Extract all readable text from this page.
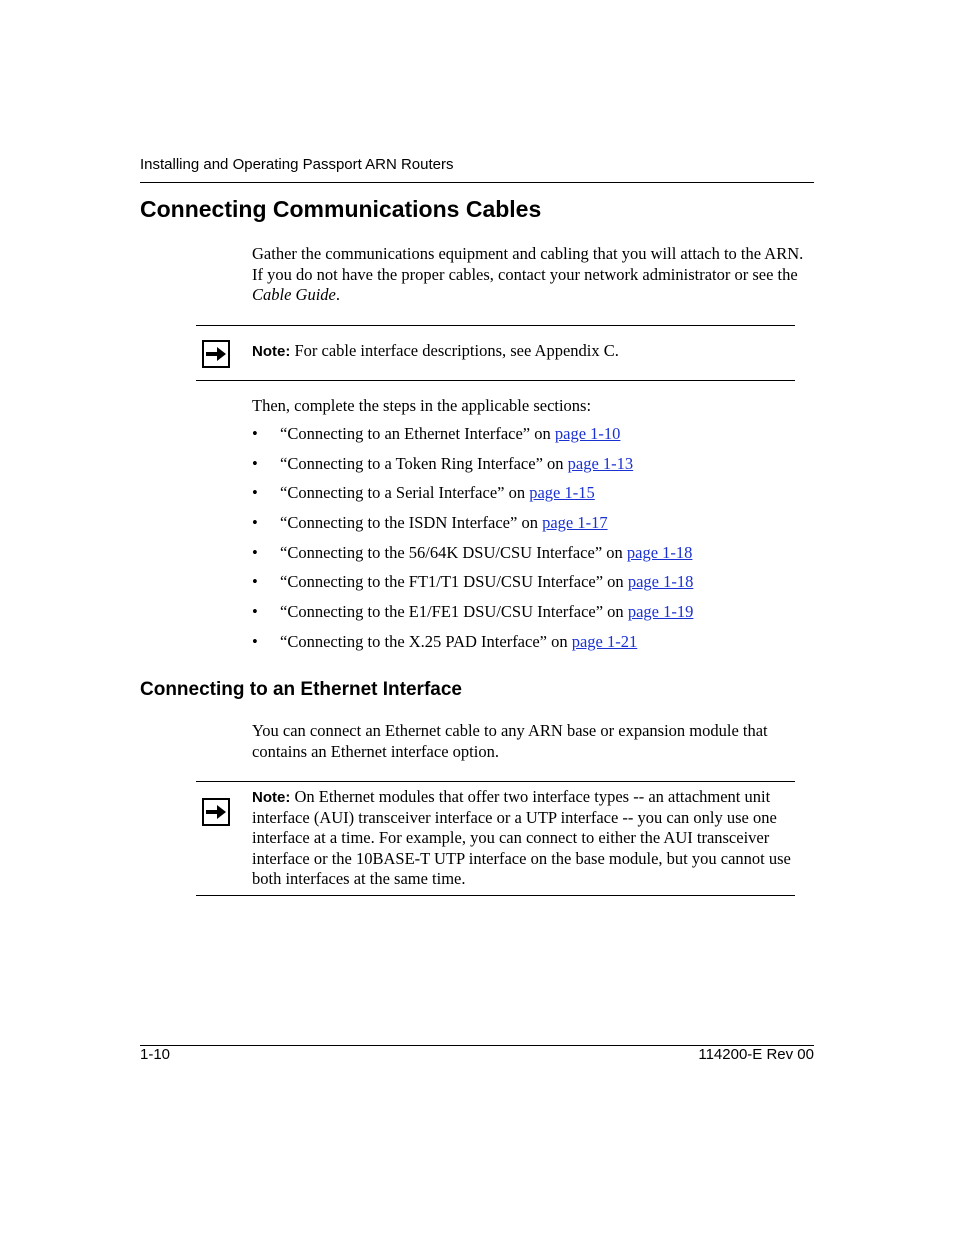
Installing and Operating Passport ARN Routers
Connecting Communications Cables

Gather the communications equipment and cabling that you will attach to the ARN. If you do not have the proper cables, contact your network administrator or see the Cable Guide.

Note: For cable interface descriptions, see Appendix C.

Then, complete the steps in the applicable sections:

• “Connecting to an Ethernet Interface” on page 1-10
• “Connecting to a Token Ring Interface” on page 1-13
• “Connecting to a Serial Interface” on page 1-15
• “Connecting to the ISDN Interface” on page 1-17
• “Connecting to the 56/64K DSU/CSU Interface” on page 1-18
• “Connecting to the FT1/T1 DSU/CSU Interface” on page 1-18
• “Connecting to the E1/FE1 DSU/CSU Interface” on page 1-19
• “Connecting to the X.25 PAD Interface” on page 1-21
Connecting to an Ethernet Interface

You can connect an Ethernet cable to any ARN base or expansion module that contains an Ethernet interface option.

Note: On Ethernet modules that offer two interface types -- an attachment unit interface (AUI) transceiver interface or a UTP interface -- you can only use one interface at a time. For example, you can connect to either the AUI transceiver interface or the 10BASE-T UTP interface on the base module, but you cannot use both interfaces at the same time.
1-10	114200-E Rev 00
